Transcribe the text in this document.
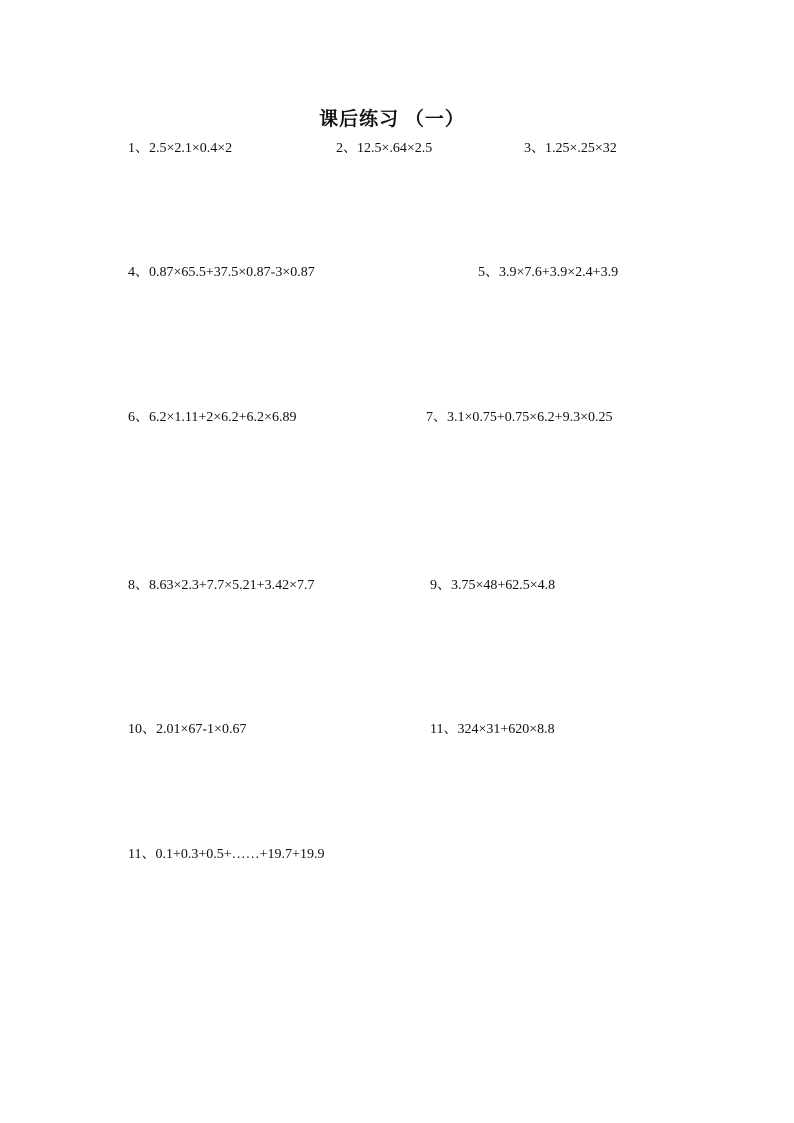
课后练习 （一）
1、2.5×2.1×0.4×2	2、12.5×.64×2.5	3、1.25×.25×32
4、0.87×65.5+37.5×0.87-3×0.87	5、3.9×7.6+3.9×2.4+3.9
6、6.2×1.11+2×6.2+6.2×6.89	7、3.1×0.75+0.75×6.2+9.3×0.25
8、8.63×2.3+7.7×5.21+3.42×7.7	9、3.75×48+62.5×4.8
10、2.01×67-1×0.67	11、324×31+620×8.8
11、0.1+0.3+0.5+……+19.7+19.9
